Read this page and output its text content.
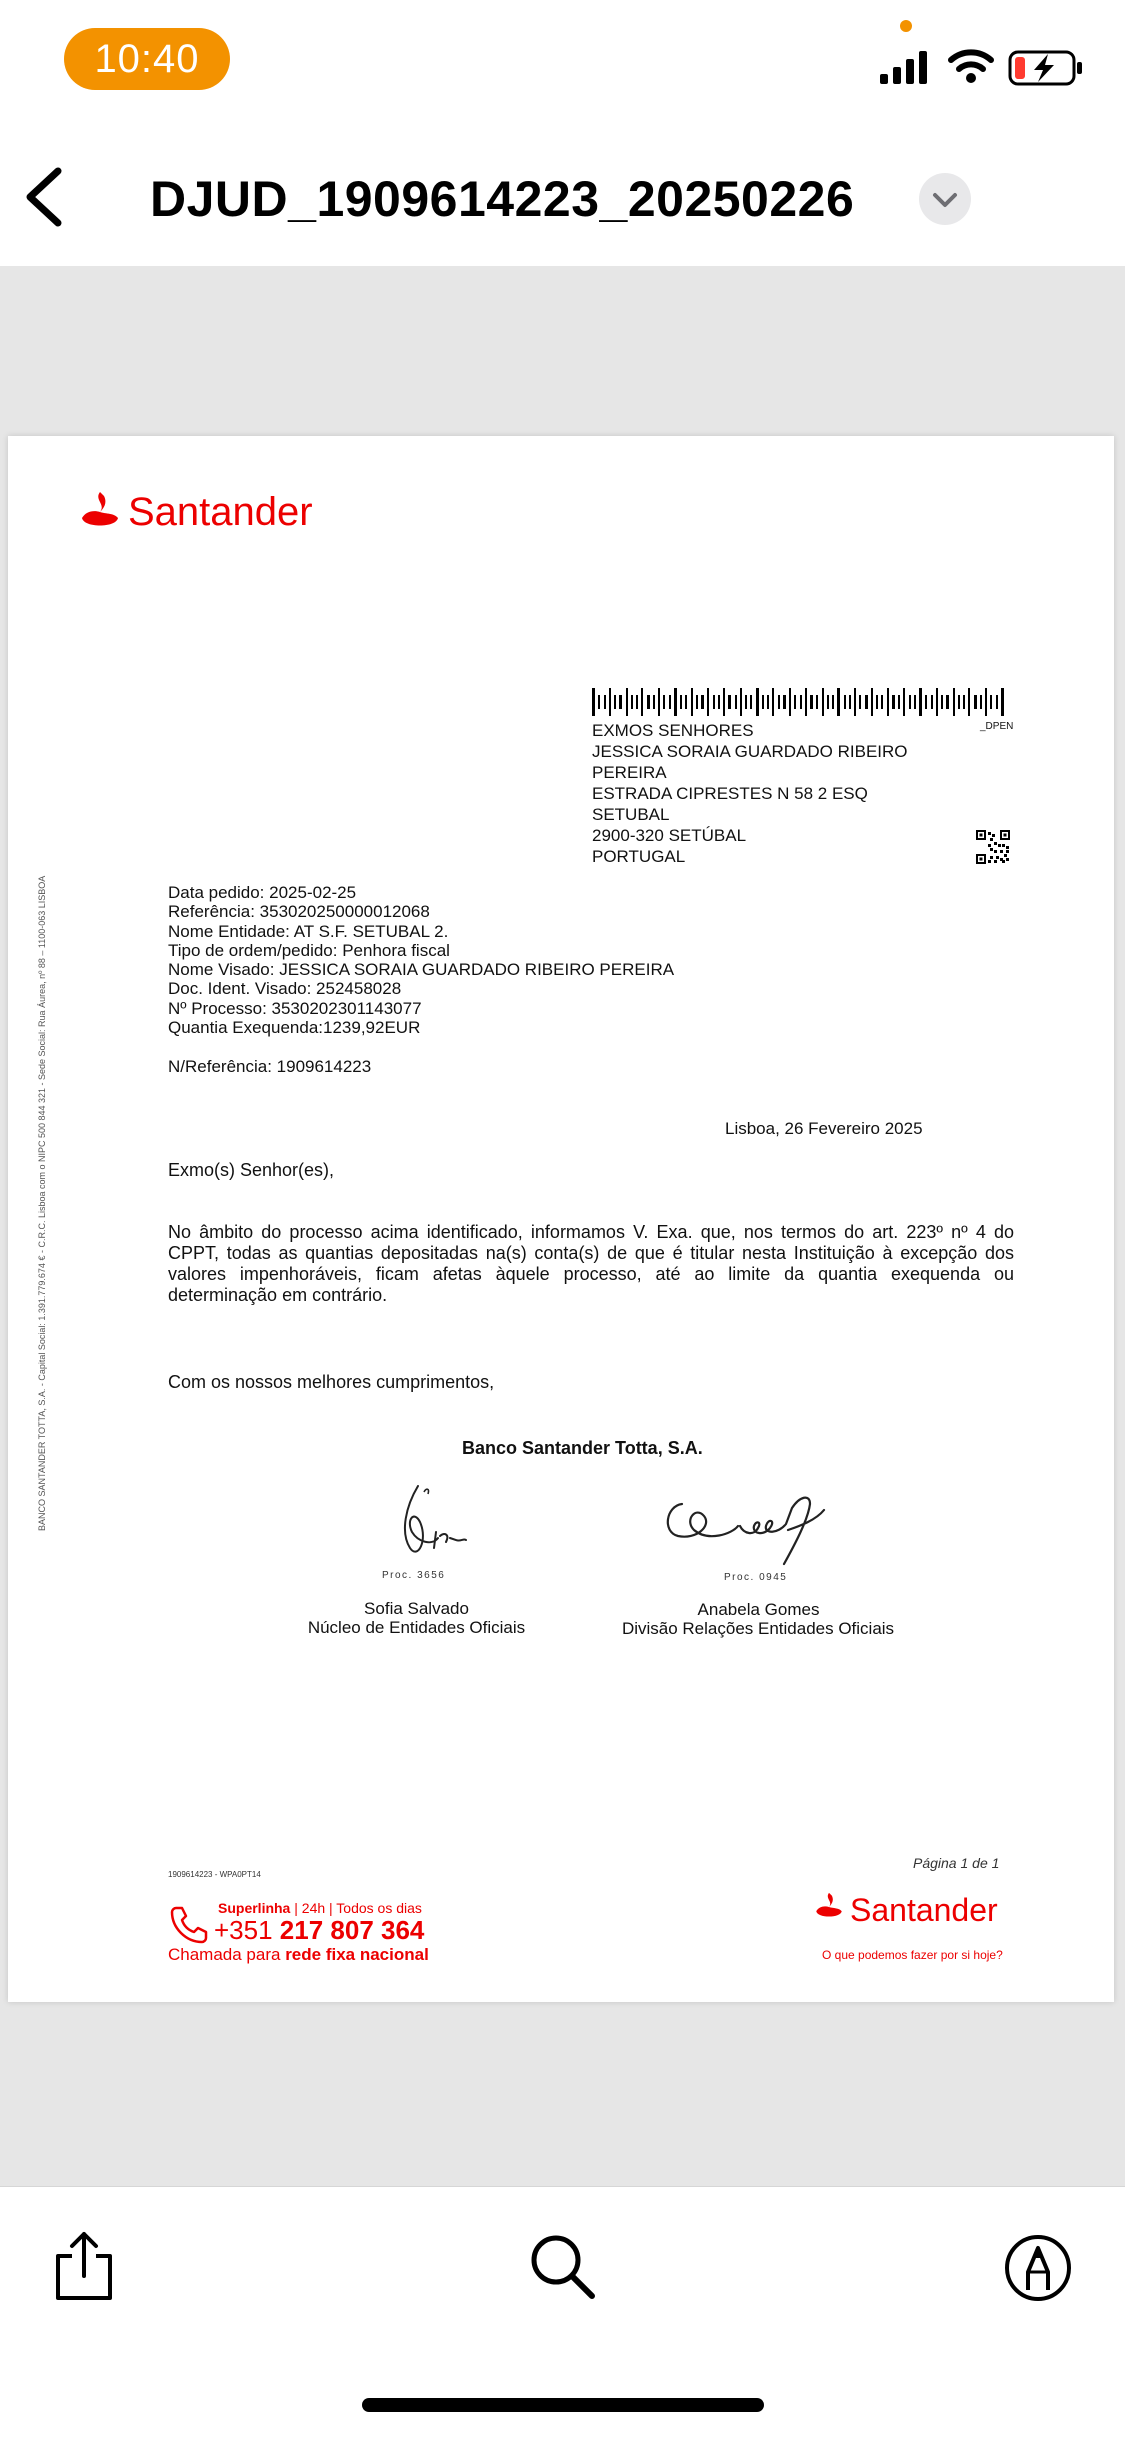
10:40
DJUD_1909614223_20250226
Santander
_DPEN
EXMOS SENHORES
JESSICA SORAIA GUARDADO RIBEIRO
PEREIRA
ESTRADA CIPRESTES N 58 2 ESQ
SETUBAL
2900-320 SETÚBAL
PORTUGAL
Data pedido: 2025-02-25
Referência: 353020250000012068
Nome Entidade: AT S.F. SETUBAL 2.
Tipo de ordem/pedido: Penhora fiscal
Nome Visado: JESSICA SORAIA GUARDADO RIBEIRO PEREIRA
Doc. Ident. Visado: 252458028
Nº Processo: 3530202301143077
Quantia Exequenda:1239,92EUR
N/Referência: 1909614223
Lisboa, 26 Fevereiro 2025
Exmo(s) Senhor(es),
No âmbito do processo acima identificado, informamos V. Exa. que, nos termos do art. 223º nº 4 do CPPT, todas as quantias depositadas na(s) conta(s) de que é titular nesta Instituição à excepção dos valores impenhoráveis, ficam afetas àquele processo, até ao limite da quantia exequenda ou determinação em contrário.
Com os nossos melhores cumprimentos,
Banco Santander Totta, S.A.
Proc. 3656
Sofia Salvado
Núcleo de Entidades Oficiais
Proc. 0945
Anabela Gomes
Divisão Relações Entidades Oficiais
BANCO SANTANDER TOTTA, S.A. - Capital Social: 1.391.779.674 € - C.R.C. Lisboa com o NIPC 500 844 321 - Sede Social: Rua Áurea, nº 88 – 1100-063 LISBOA
Página 1 de 1
1909614223 - WPA0PT14
Superlinha | 24h | Todos os dias
+351 217 807 364
Chamada para rede fixa nacional
Santander
O que podemos fazer por si hoje?
